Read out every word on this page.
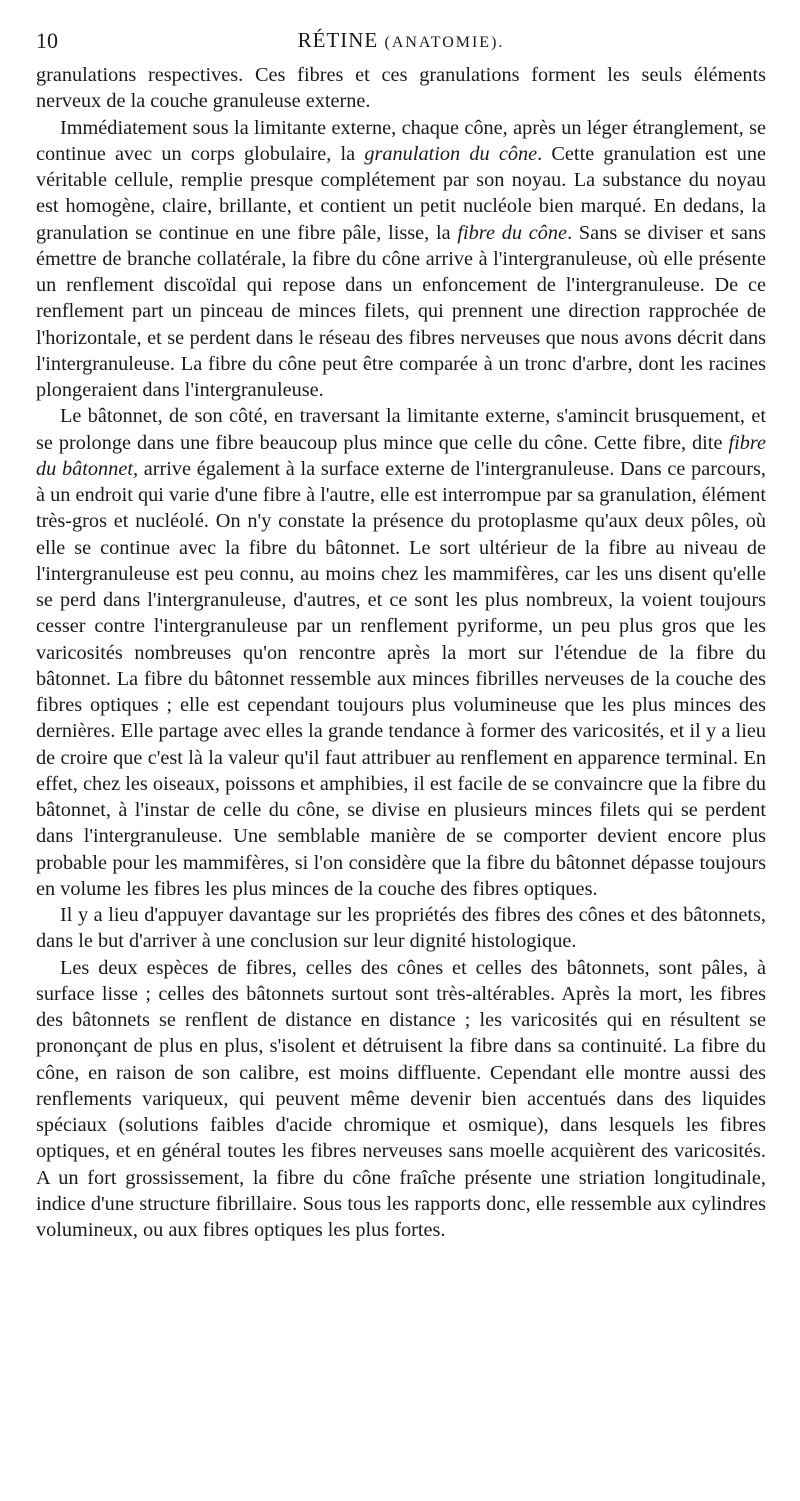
10	RÉTINE (ANATOMIE).

granulations respectives. Ces fibres et ces granulations forment les seuls éléments nerveux de la couche granuleuse externe.

Immédiatement sous la limitante externe, chaque cône, après un léger étranglement, se continue avec un corps globulaire, la granulation du cône. Cette granulation est une véritable cellule, remplie presque complétement par son noyau. La substance du noyau est homogène, claire, brillante, et contient un petit nucléole bien marqué. En dedans, la granulation se continue en une fibre pâle, lisse, la fibre du cône. Sans se diviser et sans émettre de branche collatérale, la fibre du cône arrive à l'intergranuleuse, où elle présente un renflement discoïdal qui repose dans un enfoncement de l'intergranuleuse. De ce renflement part un pinceau de minces filets, qui prennent une direction rapprochée de l'horizontale, et se perdent dans le réseau des fibres nerveuses que nous avons décrit dans l'intergranuleuse. La fibre du cône peut être comparée à un tronc d'arbre, dont les racines plongeraient dans l'intergranuleuse.

Le bâtonnet, de son côté, en traversant la limitante externe, s'amincit brusquement, et se prolonge dans une fibre beaucoup plus mince que celle du cône. Cette fibre, dite fibre du bâtonnet, arrive également à la surface externe de l'intergranuleuse. Dans ce parcours, à un endroit qui varie d'une fibre à l'autre, elle est interrompue par sa granulation, élément très-gros et nucléolé. On n'y constate la présence du protoplasme qu'aux deux pôles, où elle se continue avec la fibre du bâtonnet. Le sort ultérieur de la fibre au niveau de l'intergranuleuse est peu connu, au moins chez les mammifères, car les uns disent qu'elle se perd dans l'intergranuleuse, d'autres, et ce sont les plus nombreux, la voient toujours cesser contre l'intergranuleuse par un renflement pyriforme, un peu plus gros que les varicosités nombreuses qu'on rencontre après la mort sur l'étendue de la fibre du bâtonnet. La fibre du bâtonnet ressemble aux minces fibrilles nerveuses de la couche des fibres optiques ; elle est cependant toujours plus volumineuse que les plus minces des dernières. Elle partage avec elles la grande tendance à former des varicosités, et il y a lieu de croire que c'est là la valeur qu'il faut attribuer au renflement en apparence terminal. En effet, chez les oiseaux, poissons et amphibies, il est facile de se convaincre que la fibre du bâtonnet, à l'instar de celle du cône, se divise en plusieurs minces filets qui se perdent dans l'intergranuleuse. Une semblable manière de se comporter devient encore plus probable pour les mammifères, si l'on considère que la fibre du bâtonnet dépasse toujours en volume les fibres les plus minces de la couche des fibres optiques.

Il y a lieu d'appuyer davantage sur les propriétés des fibres des cônes et des bâtonnets, dans le but d'arriver à une conclusion sur leur dignité histologique.

Les deux espèces de fibres, celles des cônes et celles des bâtonnets, sont pâles, à surface lisse ; celles des bâtonnets surtout sont très-altérables. Après la mort, les fibres des bâtonnets se renflent de distance en distance ; les varicosités qui en résultent se prononçant de plus en plus, s'isolent et détruisent la fibre dans sa continuité. La fibre du cône, en raison de son calibre, est moins diffluente. Cependant elle montre aussi des renflements variqueux, qui peuvent même devenir bien accentués dans des liquides spéciaux (solutions faibles d'acide chromique et osmique), dans lesquels les fibres optiques, et en général toutes les fibres nerveuses sans moelle acquièrent des varicosités. A un fort grossissement, la fibre du cône fraîche présente une striation longitudinale, indice d'une structure fibrillaire. Sous tous les rapports donc, elle ressemble aux cylindres volumineux, ou aux fibres optiques les plus fortes.
